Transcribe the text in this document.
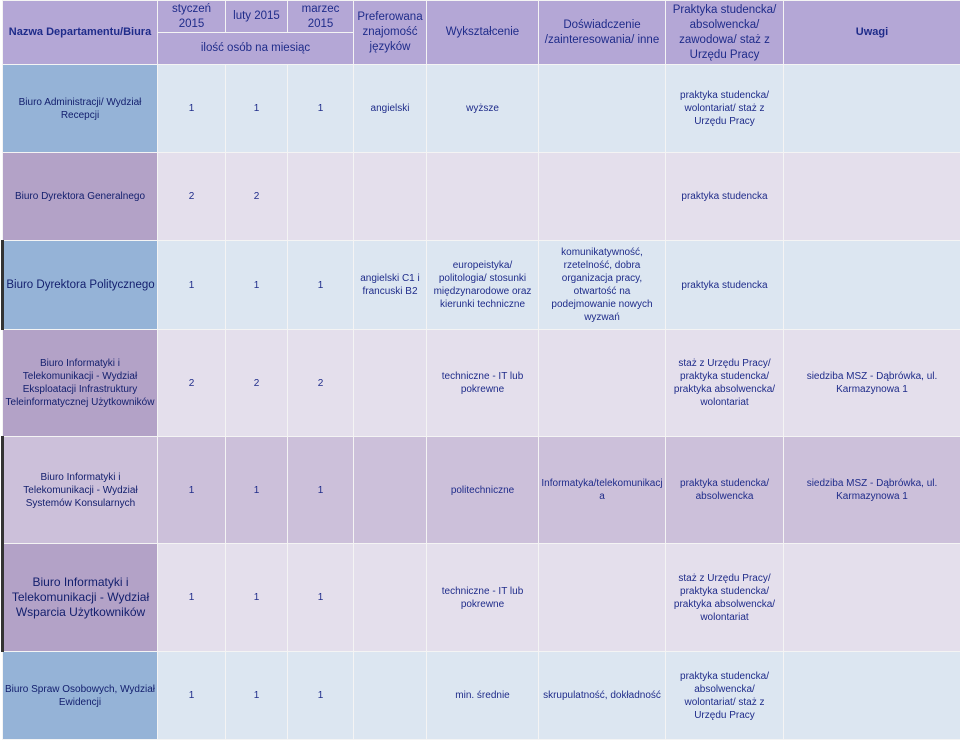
Nazwa Departamentu/Biura	styczeń 2015	luty 2015	marzec 2015	Preferowana znajomość języków	Wykształcenie	Doświadczenie /zainteresowania/ inne	Praktyka studencka/ absolwencka/ zawodowa/ staż z Urzędu Pracy	Uwagi
	ilość osób na miesiąc							
Biuro Administracji/ Wydział Recepcji	1	1	1	angielski	wyższe		praktyka studencka/ wolontariat/ staż z Urzędu Pracy	
Biuro Dyrektora Generalnego	2	2					praktyka studencka	
Biuro Dyrektora Politycznego	1	1	1	angielski C1 i francuski B2	europeistyka/ politologia/ stosunki międzynarodowe oraz kierunki techniczne	komunikatywność, rzetelność, dobra organizacja pracy, otwartość na podejmowanie nowych wyzwań	praktyka studencka	
Biuro Informatyki i Telekomunikacji - Wydział Eksploatacji Infrastruktury Teleinformatycznej Użytkowników	2	2	2		techniczne - IT lub pokrewne		staż z Urzędu Pracy/ praktyka studencka/ praktyka absolwencka/ wolontariat	siedziba MSZ - Dąbrówka, ul. Karmazynowa 1
Biuro Informatyki i Telekomunikacji - Wydział Systemów Konsularnych	1	1	1		politechniczne	Informatyka/telekomunikacja	praktyka studencka/ absolwencka	siedziba MSZ - Dąbrówka, ul. Karmazynowa 1
Biuro Informatyki i Telekomunikacji - Wydział Wsparcia Użytkowników	1	1	1		techniczne - IT lub pokrewne		staż z Urzędu Pracy/ praktyka studencka/ praktyka absolwencka/ wolontariat	
Biuro Spraw Osobowych, Wydział Ewidencji	1	1	1		min. średnie	skrupulatność, dokładność	praktyka studencka/ absolwencka/ wolontariat/ staż z Urzędu Pracy	
